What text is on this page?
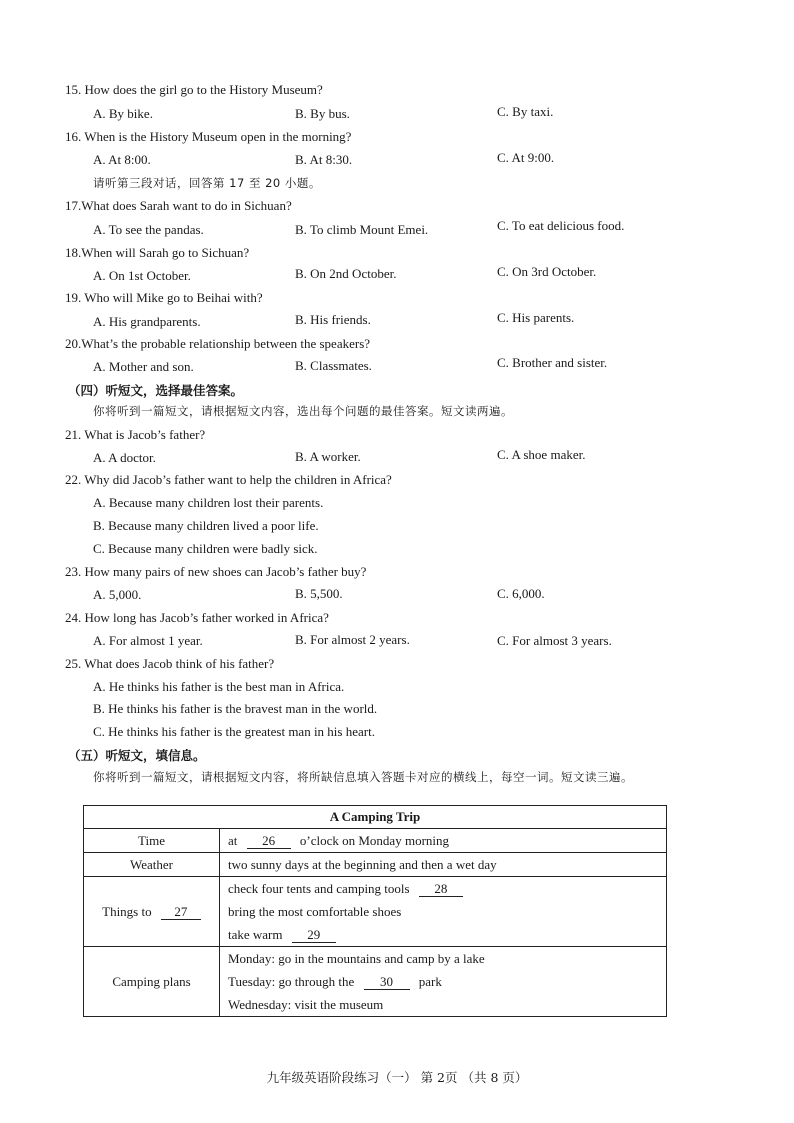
15. How does the girl go to the History Museum?
A. By bike.	B. By bus.	C. By taxi.
16. When is the History Museum open in the morning?
A. At 8:00.	B. At 8:30.	C. At 9:00.
请听第三段对话，回答第 17 至 20 小题。
17.What does Sarah want to do in Sichuan?
A. To see the pandas.	B. To climb Mount Emei.	C. To eat delicious food.
18.When will Sarah go to Sichuan?
A. On 1st October.	B. On 2nd October.	C. On 3rd October.
19. Who will Mike go to Beihai with?
A. His grandparents.	B. His friends.	C. His parents.
20.What’s the probable relationship between the speakers?
A. Mother and son.	B. Classmates.	C. Brother and sister.
（四）听短文，选择最佳答案。
你将听到一篇短文，请根据短文内容，选出每个问题的最佳答案。短文读两遍。
21. What is Jacob’s father?
A. A doctor.	B. A worker.	C. A shoe maker.
22. Why did Jacob’s father want to help the children in Africa?
A. Because many children lost their parents.
B. Because many children lived a poor life.
C. Because many children were badly sick.
23. How many pairs of new shoes can Jacob’s father buy?
A. 5,000.	B. 5,500.	C. 6,000.
24. How long has Jacob’s father worked in Africa?
A. For almost 1 year.	B. For almost 2 years.	C. For almost 3 years.
25. What does Jacob think of his father?
A. He thinks his father is the best man in Africa.
B. He thinks his father is the bravest man in the world.
C. He thinks his father is the greatest man in his heart.
（五）听短文，填信息。
你将听到一篇短文，请根据短文内容，将所缺信息填入答题卡对应的横线上，每空一词。短文读三遍。
A Camping Trip	
Time	at 26 o’clock on Monday morning

Weather	two sunny days at the beginning and then a wet day

Things to 27	check four tents and camping tools 28
bring the most comfortable shoes
take warm 29

Camping plans	Monday: go in the mountains and camp by a lake
Tuesday: go through the 30 park
Wednesday: visit the museum
九年级英语阶段练习（一） 第 2页 （共 8 页）
